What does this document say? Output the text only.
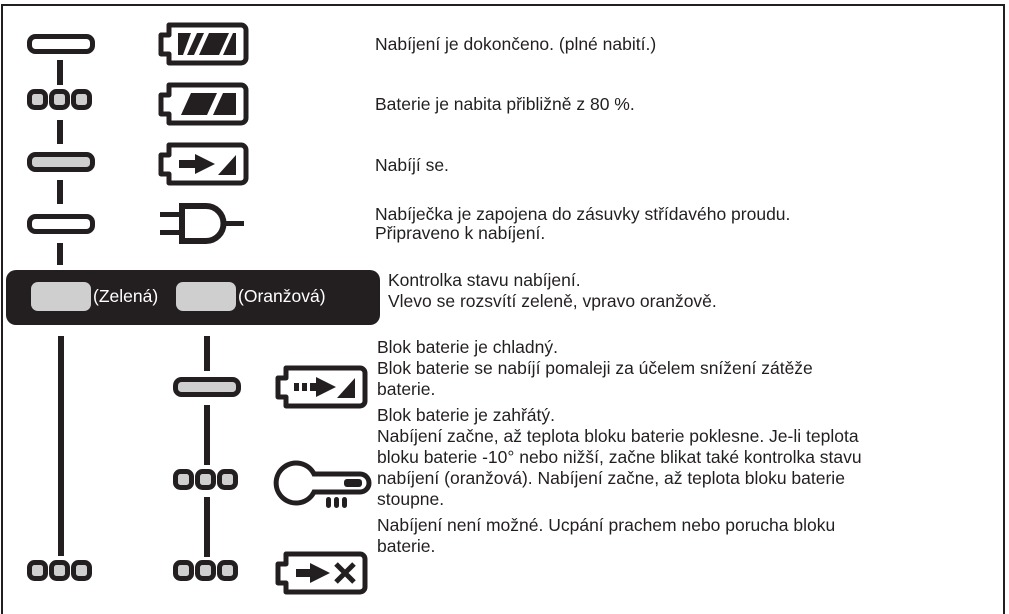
Nabíjení je dokončeno. (plné nabití.)
Baterie je nabita přibližně z 80 %.
Nabíjí se.
Nabíječka je zapojena do zásuvky střídavého proudu.
Připraveno k nabíjení.
(Zelená)	(Oranžová)
Kontrolka stavu nabíjení.
Vlevo se rozsvítí zeleně, vpravo oranžově.
Blok baterie je chladný.
Blok baterie se nabíjí pomaleji za účelem snížení zátěže
baterie.
Blok baterie je zahřátý.
Nabíjení začne, až teplota bloku baterie poklesne. Je-li teplota
bloku baterie -10° nebo nižší, začne blikat také kontrolka stavu
nabíjení (oranžová). Nabíjení začne, až teplota bloku baterie
stoupne.
Nabíjení není možné. Ucpání prachem nebo porucha bloku
baterie.
